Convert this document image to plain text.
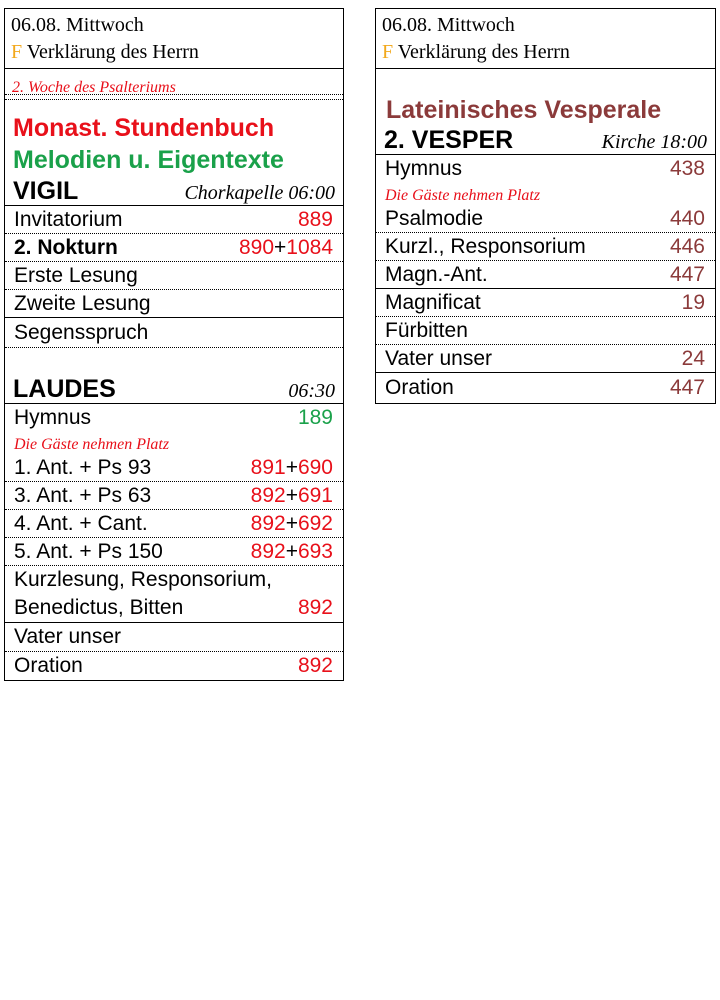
06.08. Mittwoch
F Verklärung des Herrn
2. Woche des Psalteriums
Monast. Stundenbuch
Melodien u. Eigentexte
VIGIL	Chorkapelle 06:00
Invitatorium	889
2. Nokturn	890+1084
Erste Lesung
Zweite Lesung
Segensspruch
LAUDES	06:30
Hymnus	189
Die Gäste nehmen Platz
1. Ant. + Ps 93	891+690
3. Ant. + Ps 63	892+691
4. Ant. + Cant.	892+692
5. Ant. + Ps 150	892+693
Kurzlesung, Responsorium,
Benedictus, Bitten	892
Vater unser
Oration	892
06.08. Mittwoch
F Verklärung des Herrn
Lateinisches Vesperale
2. VESPER	Kirche 18:00
Hymnus	438
Die Gäste nehmen Platz
Psalmodie	440
Kurzl., Responsorium	446
Magn.-Ant.	447
Magnificat	19
Fürbitten
Vater unser	24
Oration	447
